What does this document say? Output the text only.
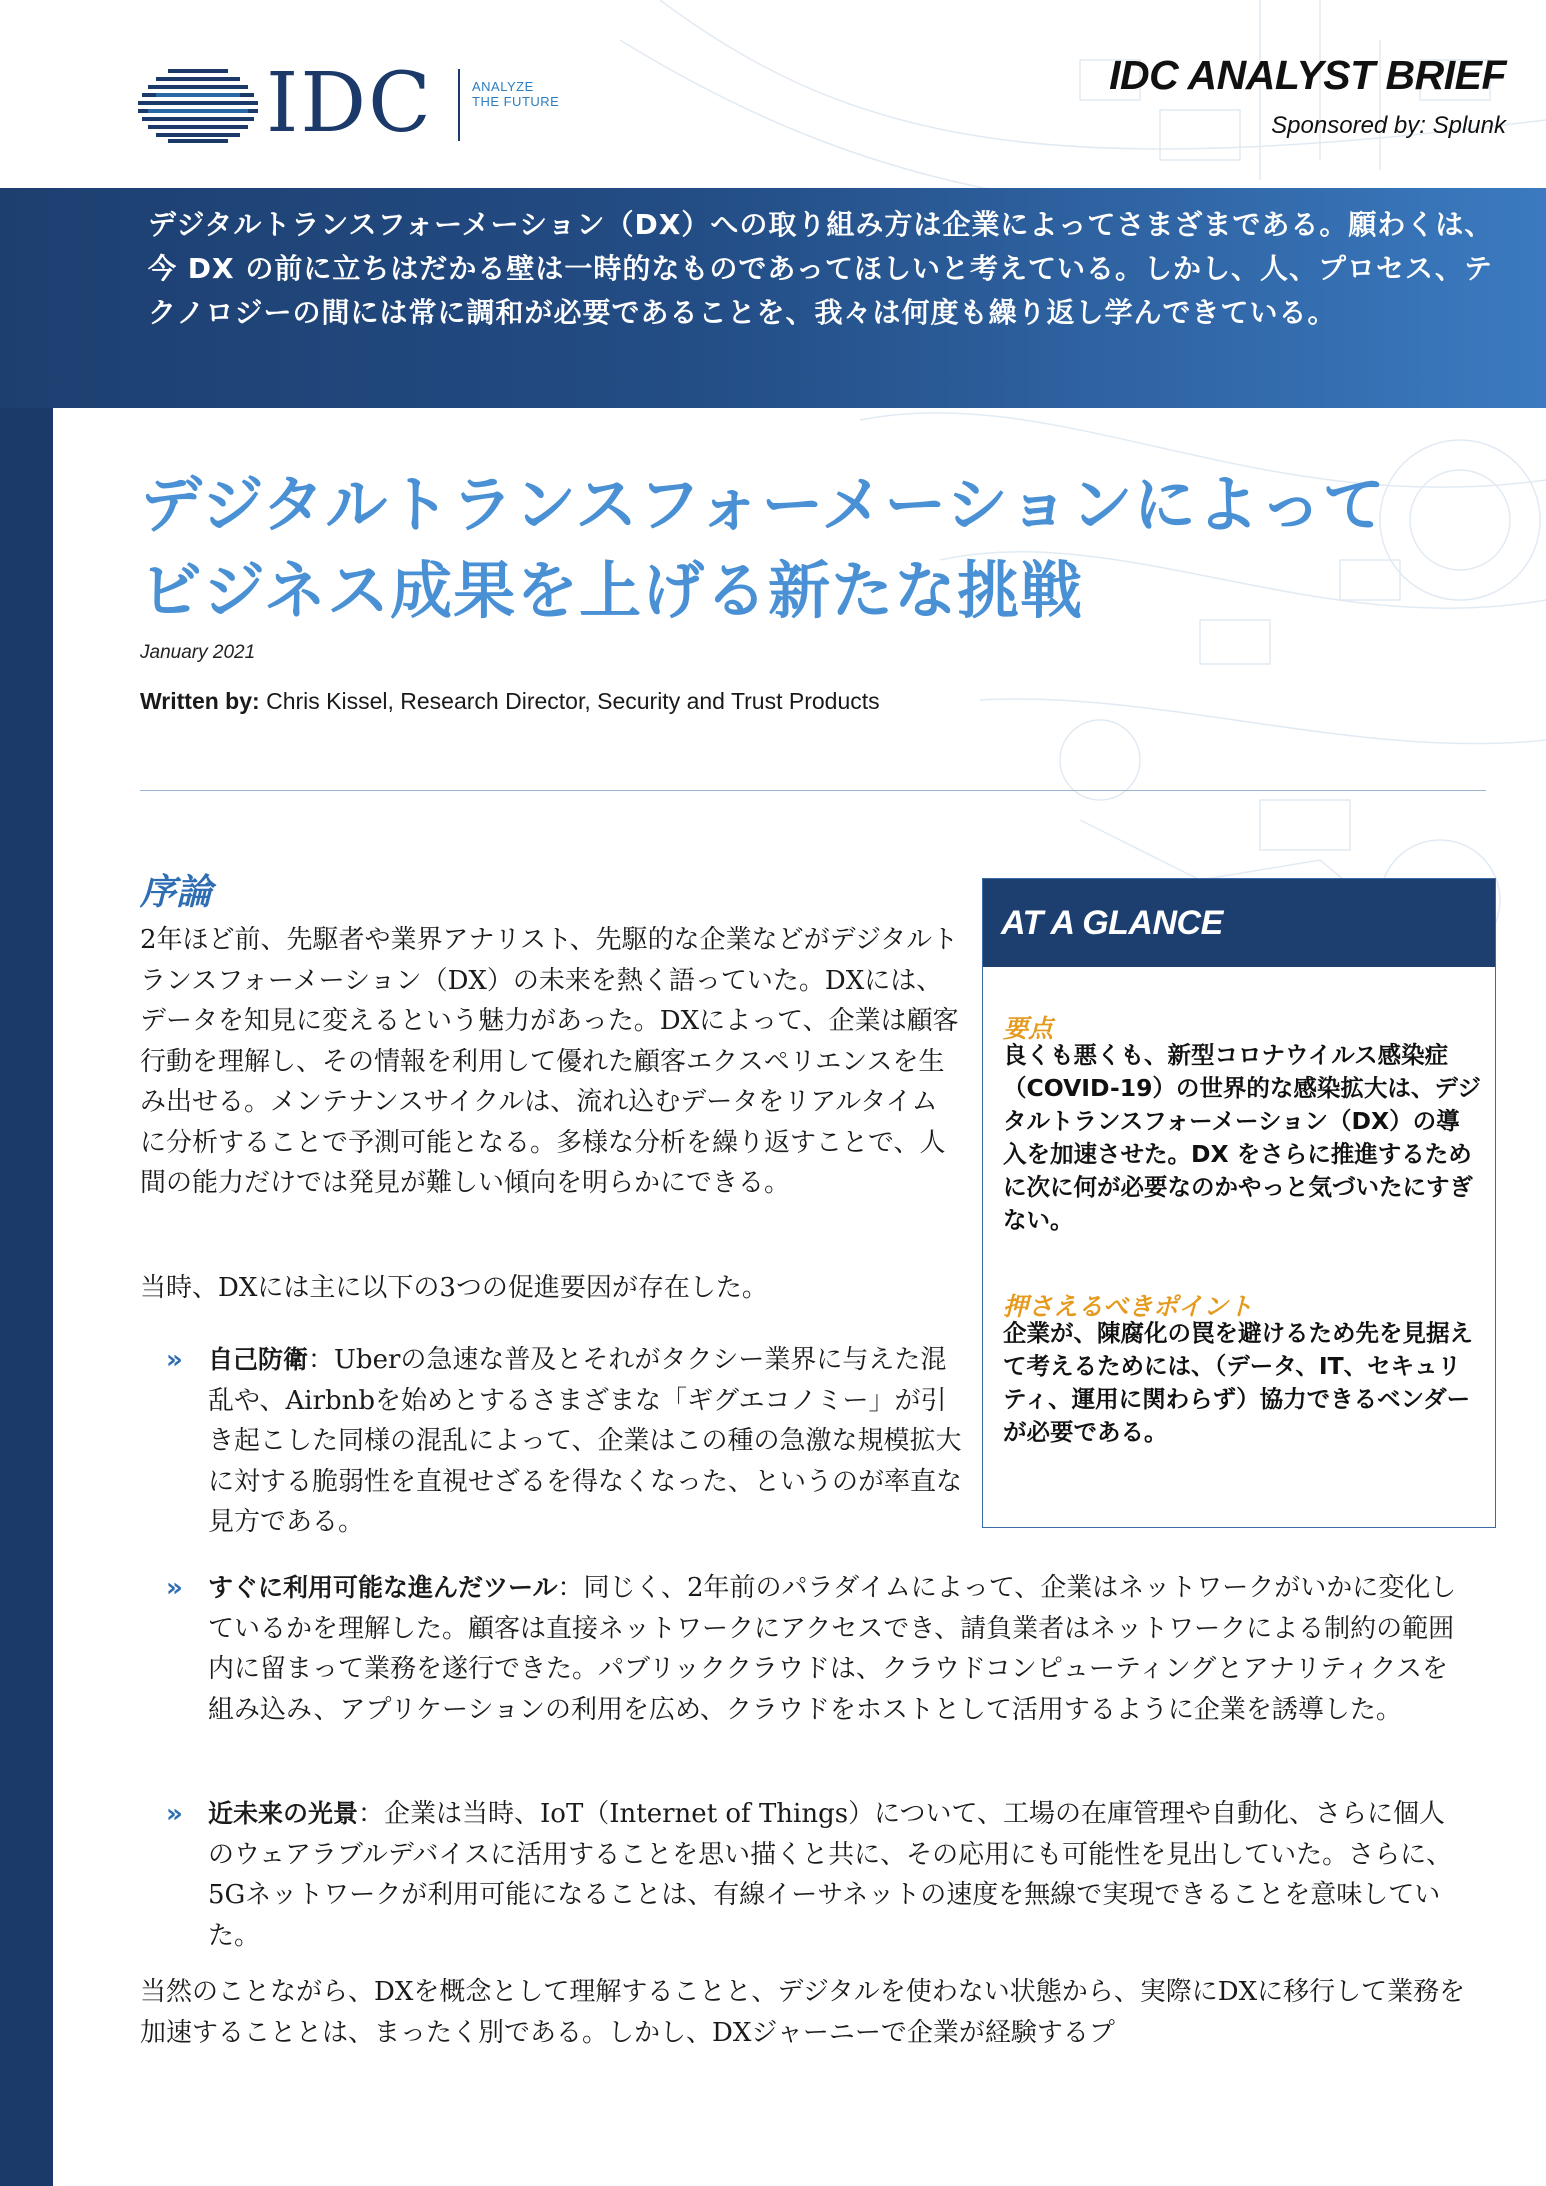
IDC	ANALYZE THE FUTURE
IDC ANALYST BRIEF
Sponsored by: Splunk
デジタルトランスフォーメーション（DX）への取り組み方は企業によってさまざまである。願わくは、今 DX の前に立ちはだかる壁は一時的なものであってほしいと考えている。しかし、人、プロセス、テクノロジーの間には常に調和が必要であることを、我々は何度も繰り返し学んできている。
デジタルトランスフォーメーションによって
ビジネス成果を上げる新たな挑戦
January 2021
Written by: Chris Kissel, Research Director, Security and Trust Products
序論
2年ほど前、先駆者や業界アナリスト、先駆的な企業などがデジタルトランスフォーメーション（DX）の未来を熱く語っていた。DXには、データを知見に変えるという魅力があった。DXによって、企業は顧客行動を理解し、その情報を利用して優れた顧客エクスペリエンスを生み出せる。メンテナンスサイクルは、流れ込むデータをリアルタイムに分析することで予測可能となる。多様な分析を繰り返すことで、人間の能力だけでは発見が難しい傾向を明らかにできる。
当時、DXには主に以下の3つの促進要因が存在した。
» 自己防衛：Uberの急速な普及とそれがタクシー業界に与えた混乱や、Airbnbを始めとするさまざまな「ギグエコノミー」が引き起こした同様の混乱によって、企業はこの種の急激な規模拡大に対する脆弱性を直視せざるを得なくなった、というのが率直な見方である。
» すぐに利用可能な進んだツール：同じく、2年前のパラダイムによって、企業はネットワークがいかに変化しているかを理解した。顧客は直接ネットワークにアクセスでき、請負業者はネットワークによる制約の範囲内に留まって業務を遂行できた。パブリッククラウドは、クラウドコンピューティングとアナリティクスを組み込み、アプリケーションの利用を広め、クラウドをホストとして活用するように企業を誘導した。
» 近未来の光景：企業は当時、IoT（Internet of Things）について、工場の在庫管理や自動化、さらに個人のウェアラブルデバイスに活用することを思い描くと共に、その応用にも可能性を見出していた。さらに、5Gネットワークが利用可能になることは、有線イーサネットの速度を無線で実現できることを意味していた。
当然のことながら、DXを概念として理解することと、デジタルを使わない状態から、実際にDXに移行して業務を加速することとは、まったく別である。しかし、DXジャーニーで企業が経験するプ
AT A GLANCE
要点
良くも悪くも、新型コロナウイルス感染症（COVID-19）の世界的な感染拡大は、デジタルトランスフォーメーション（DX）の導入を加速させた。DX をさらに推進するために次に何が必要なのかやっと気づいたにすぎない。
押さえるべきポイント
企業が、陳腐化の罠を避けるため先を見据えて考えるためには、（データ、IT、セキュリティ、運用に関わらず）協力できるベンダーが必要である。
